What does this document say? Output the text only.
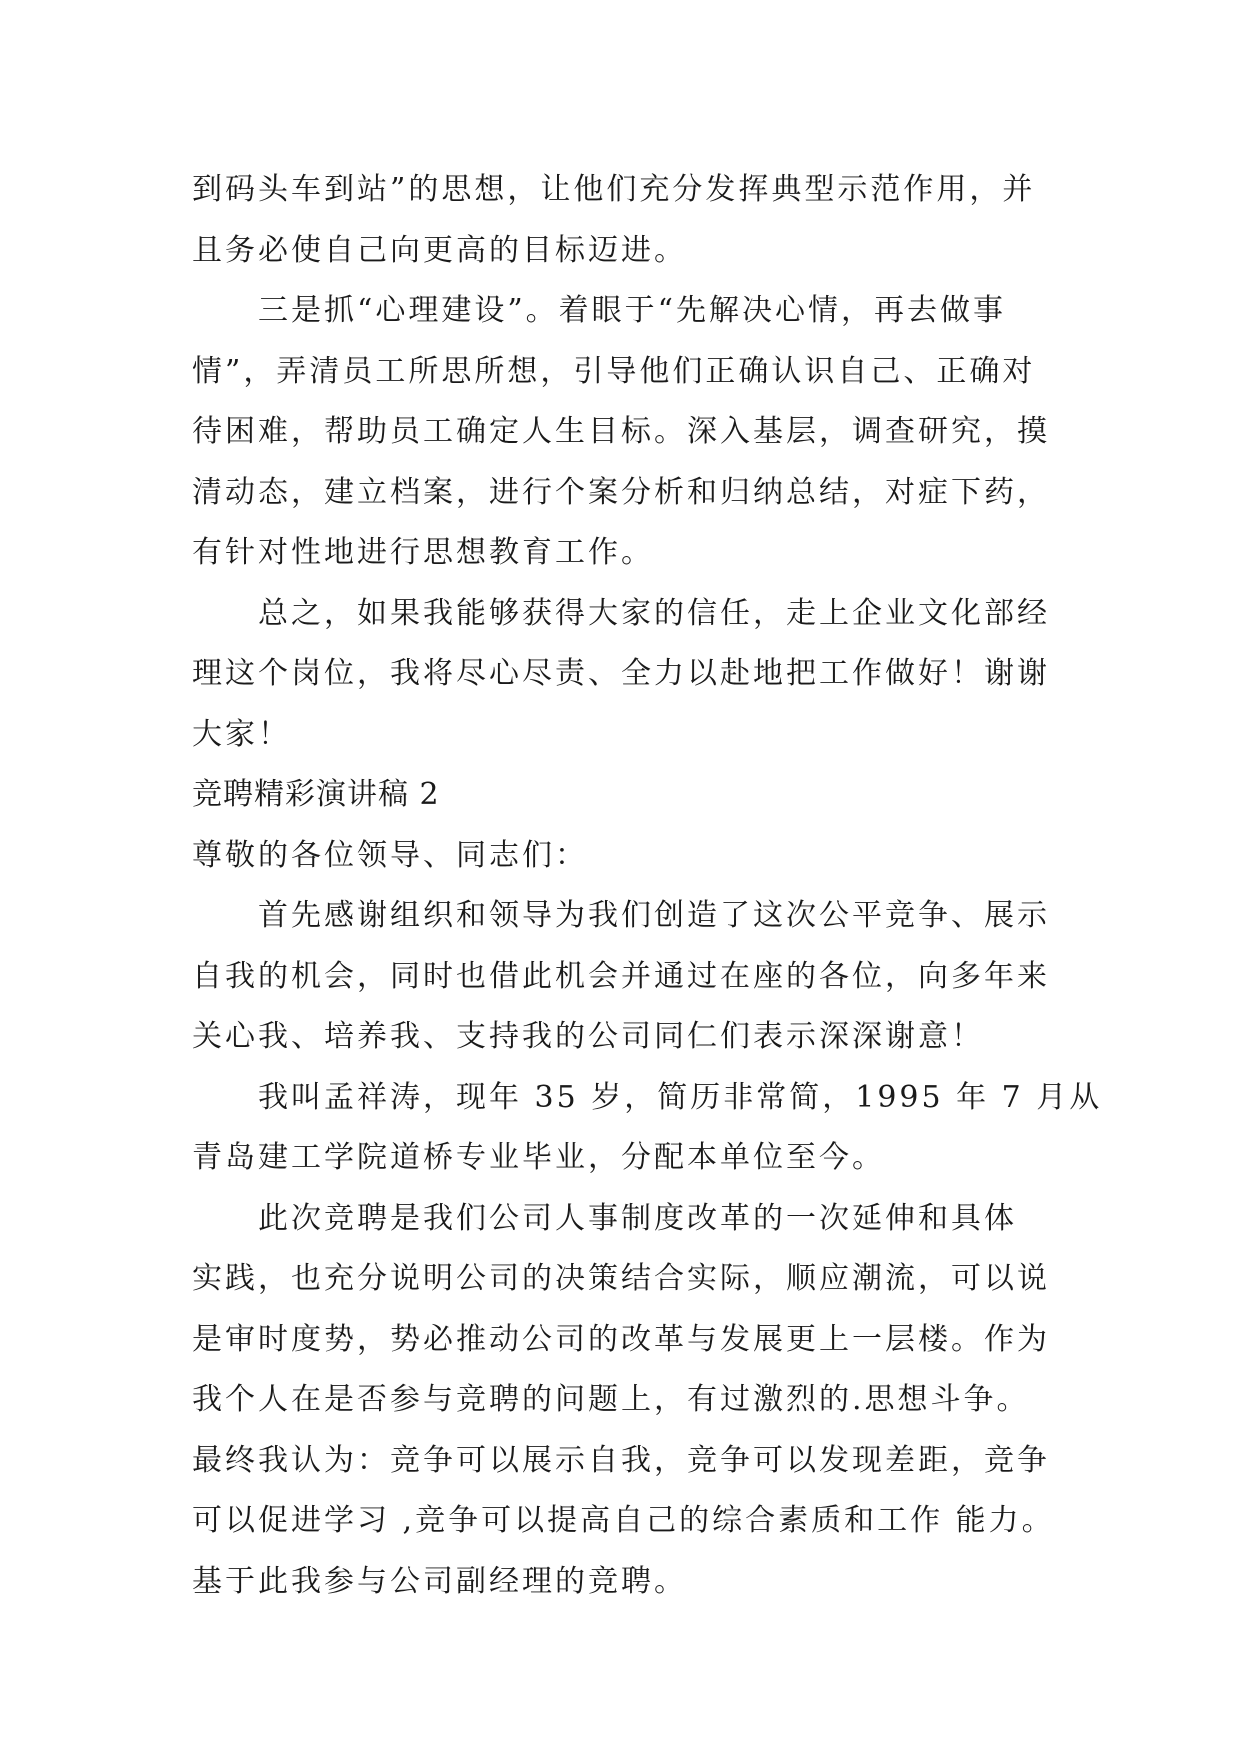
到码头车到站”的思想，让他们充分发挥典型示范作用，并
且务必使自己向更高的目标迈进。
三是抓“心理建设”。着眼于“先解决心情，再去做事
情”，弄清员工所思所想，引导他们正确认识自己、正确对
待困难，帮助员工确定人生目标。深入基层，调查研究，摸
清动态，建立档案，进行个案分析和归纳总结，对症下药，
有针对性地进行思想教育工作。
总之，如果我能够获得大家的信任，走上企业文化部经
理这个岗位，我将尽心尽责、全力以赴地把工作做好！谢谢
大家！
竞聘精彩演讲稿 2
尊敬的各位领导、同志们：
首先感谢组织和领导为我们创造了这次公平竞争、展示
自我的机会，同时也借此机会并通过在座的各位，向多年来
关心我、培养我、支持我的公司同仁们表示深深谢意！
我叫孟祥涛，现年 35 岁，简历非常简，1995 年 7 月从
青岛建工学院道桥专业毕业，分配本单位至今。
此次竞聘是我们公司人事制度改革的一次延伸和具体
实践，也充分说明公司的决策结合实际，顺应潮流，可以说
是审时度势，势必推动公司的改革与发展更上一层楼。作为
我个人在是否参与竞聘的问题上，有过激烈的.思想斗争。
最终我认为：竞争可以展示自我，竞争可以发现差距，竞争
可以促进学习 ,竞争可以提高自己的综合素质和工作 能力。
基于此我参与公司副经理的竞聘。
